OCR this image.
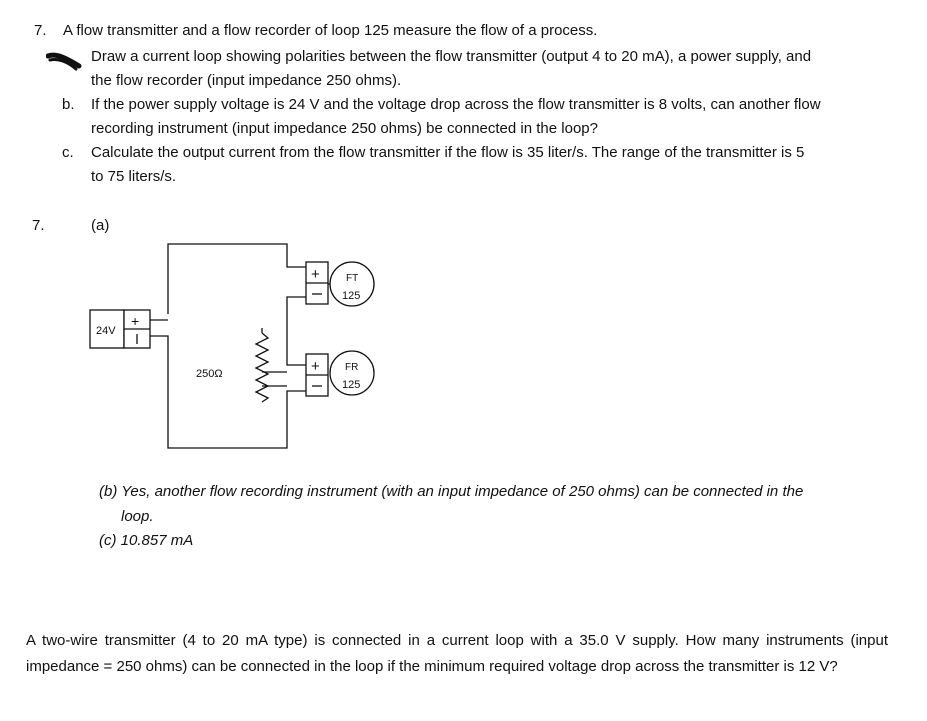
7. A flow transmitter and a flow recorder of loop 125 measure the flow of a process.
Draw a current loop showing polarities between the flow transmitter (output 4 to 20 mA), a power supply, and
the flow recorder (input impedance 250 ohms).
b. If the power supply voltage is 24 V and the voltage drop across the flow transmitter is 8 volts, can another flow
recording instrument (input impedance 250 ohms) be connected in the loop?
c. Calculate the output current from the flow transmitter if the flow is 35 liter/s. The range of the transmitter is 5
to 75 liters/s.
7.	(a)
24V
+
+	FT
125
+	FR
125
250Ω
(b) Yes, another flow recording instrument (with an input impedance of 250 ohms) can be connected in the
loop.
(c) 10.857 mA
A two-wire transmitter (4 to 20 mA type) is connected in a current loop with a 35.0 V supply. How many instruments (input impedance = 250 ohms) can be connected in the loop if the minimum required voltage drop across the transmitter is 12 V?
